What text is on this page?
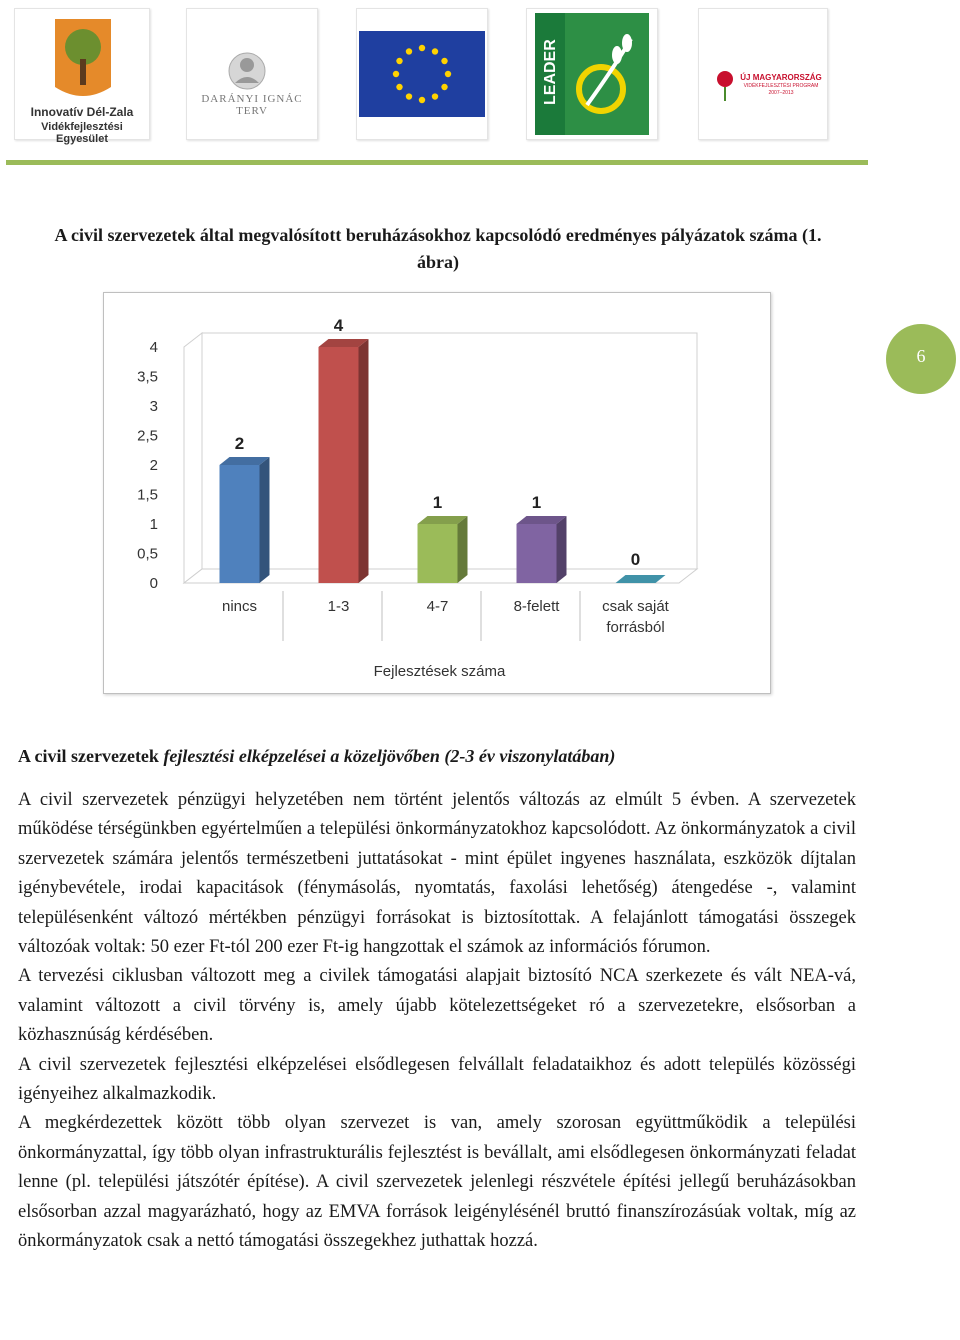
Innovatív Dél-Zala
Vidékfejlesztési Egyesület
DARÁNYI IGNÁC TERV
LEADER	ÚJ MAGYARORSZÁG
VIDÉKFEJLESZTÉSI PROGRAM
2007–2013
6
A civil szervezetek által megvalósított beruházásokhoz kapcsolódó eredményes pályázatok száma (1. ábra)
0
0,5
1
1,5
2
2,5
3
3,5
4
nincs	1-3	4-7	8-felett	csak saját
forrásból
2
4
1	1
0
Fejlesztések száma
A civil szervezetek fejlesztési elképzelései a közeljövőben (2-3 év viszonylatában)

A civil szervezetek pénzügyi helyzetében nem történt jelentős változás az elmúlt 5 évben. A szervezetek működése térségünkben egyértelműen a települési önkormányzatokhoz kapcsolódott. Az önkormányzatok a civil szervezetek számára jelentős természetbeni juttatásokat - mint épület ingyenes használata, eszközök díjtalan igénybevétele, irodai kapacitások (fénymásolás, nyomtatás, faxolási lehetőség) átengedése -, valamint településenként változó mértékben pénzügyi forrásokat is biztosítottak. A felajánlott támogatási összegek változóak voltak: 50 ezer Ft-tól 200 ezer Ft-ig hangzottak el számok az információs fórumon.

A tervezési ciklusban változott meg a civilek támogatási alapjait biztosító NCA szerkezete és vált NEA-vá, valamint változott a civil törvény is, amely újabb kötelezettségeket ró a szervezetekre, elsősorban a közhasznúság kérdésében.

A civil szervezetek fejlesztési elképzelései elsődlegesen felvállalt feladataikhoz és adott település közösségi igényeihez alkalmazkodik.

A megkérdezettek között több olyan szervezet is van, amely szorosan együttműködik a települési önkormányzattal, így több olyan infrastrukturális fejlesztést is bevállalt, ami elsődlegesen önkormányzati feladat lenne (pl. települési játszótér építése). A civil szervezetek jelenlegi részvétele építési jellegű beruházásokban elsősorban azzal magyarázható, hogy az EMVA források leigénylésénél bruttó finanszírozásúak voltak, míg az önkormányzatok csak a nettó támogatási összegekhez juthattak hozzá.
